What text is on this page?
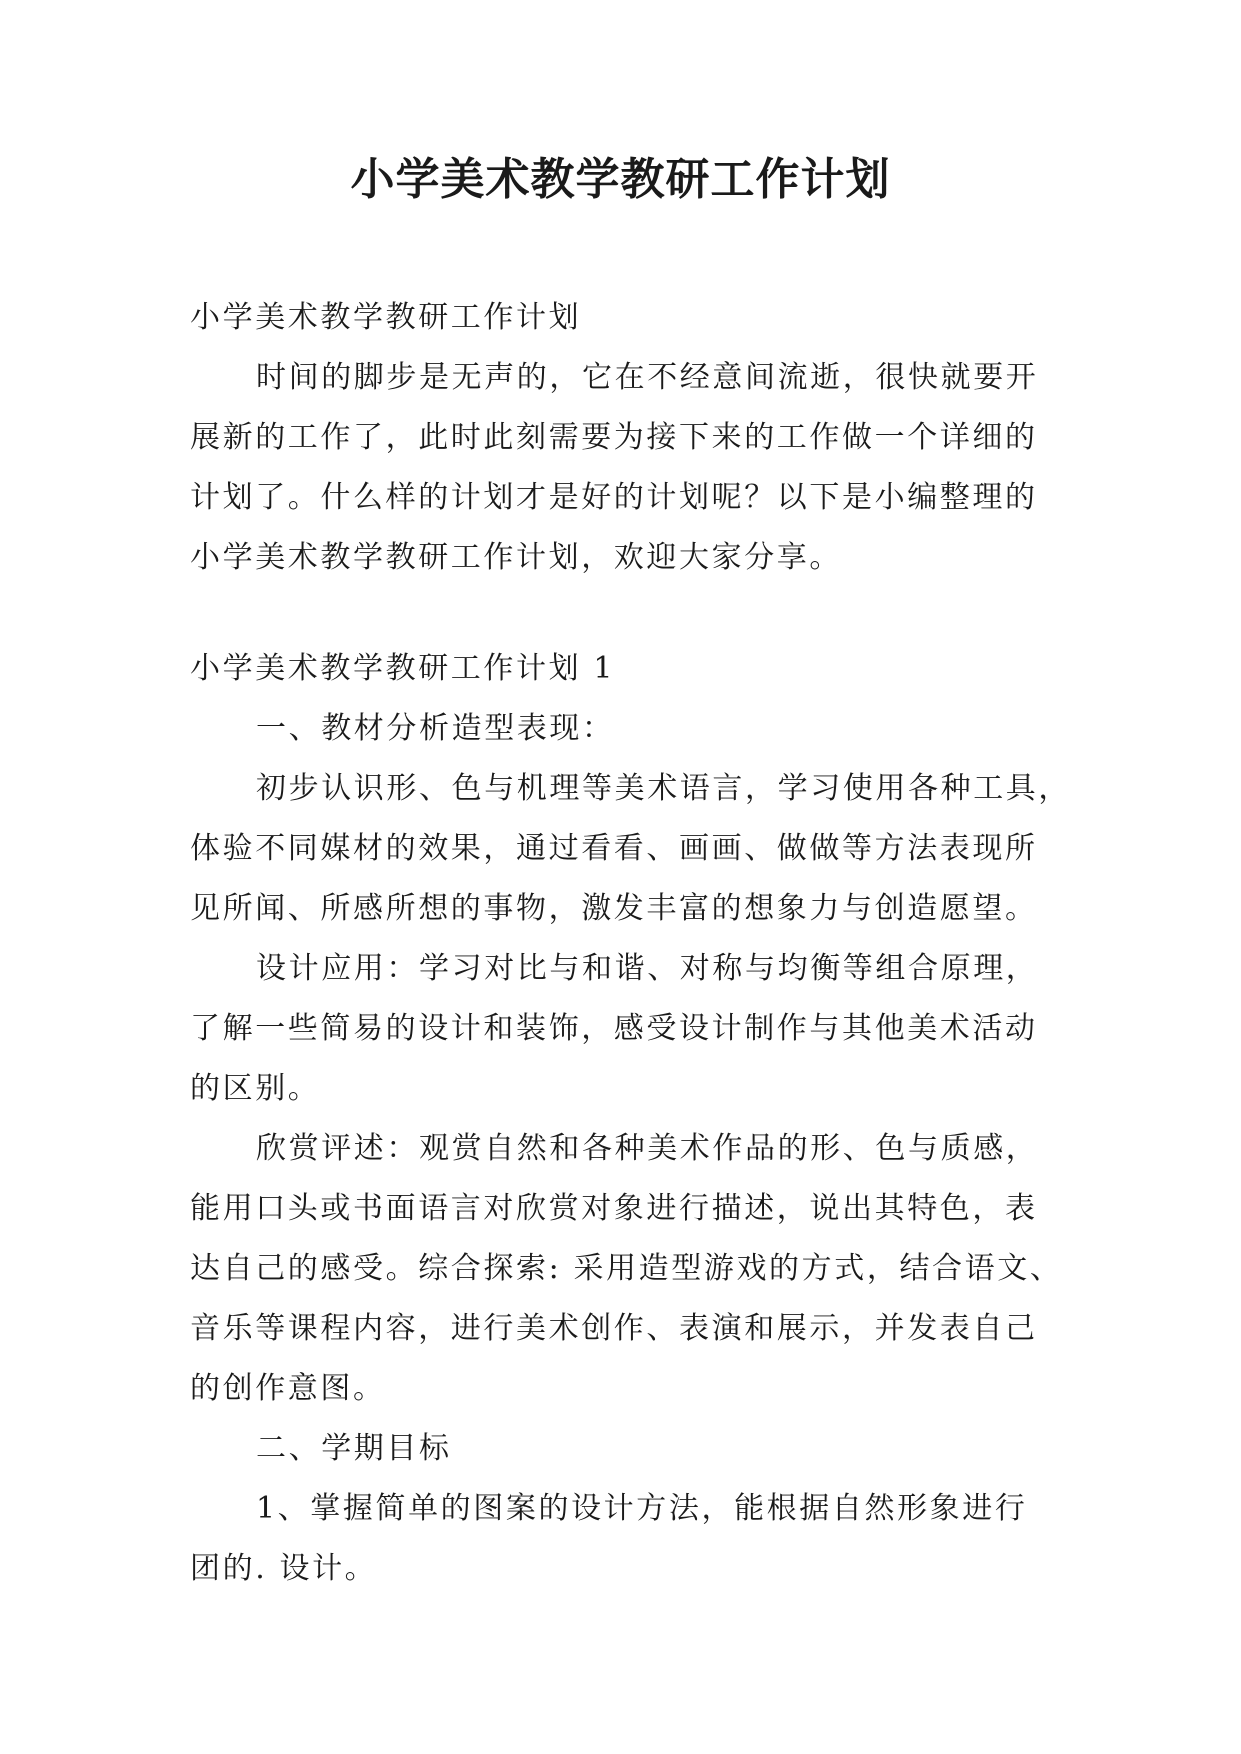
小学美术教学教研工作计划
小学美术教学教研工作计划
时间的脚步是无声的，它在不经意间流逝，很快就要开
展新的工作了，此时此刻需要为接下来的工作做一个详细的
计划了。什么样的计划才是好的计划呢？以下是小编整理的
小学美术教学教研工作计划，欢迎大家分享。
小学美术教学教研工作计划 1
一、教材分析造型表现：
初步认识形、色与机理等美术语言，学习使用各种工具，
体验不同媒材的效果，通过看看、画画、做做等方法表现所
见所闻、所感所想的事物，激发丰富的想象力与创造愿望。
设计应用：学习对比与和谐、对称与均衡等组合原理，
了解一些简易的设计和装饰，感受设计制作与其他美术活动
的区别。
欣赏评述：观赏自然和各种美术作品的形、色与质感，
能用口头或书面语言对欣赏对象进行描述，说出其特色，表
达自己的感受。综合探索: 采用造型游戏的方式，结合语文、
音乐等课程内容，进行美术创作、表演和展示，并发表自己
的创作意图。
二、学期目标
1、掌握简单的图案的设计方法，能根据自然形象进行
团的. 设计。
